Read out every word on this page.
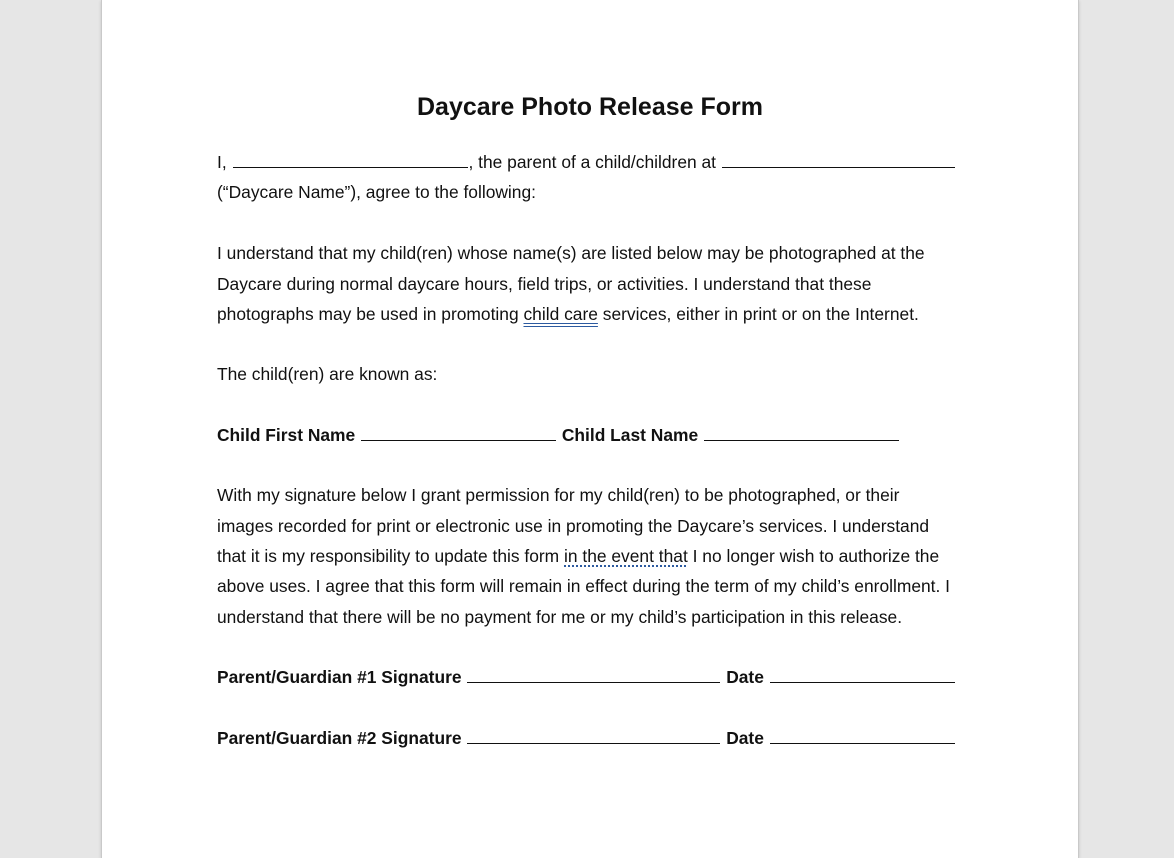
Daycare Photo Release Form
I,	, the parent of a child/children at
(“Daycare Name”), agree to the following:
I understand that my child(ren) whose name(s) are listed below may be photographed at the
Daycare during normal daycare hours, field trips, or activities. I understand that these
photographs may be used in promoting child care services, either in print or on the Internet.
The child(ren) are known as:
Child First Name	Child Last Name
With my signature below I grant permission for my child(ren) to be photographed, or their
images recorded for print or electronic use in promoting the Daycare’s services. I understand
that it is my responsibility to update this form in the event that I no longer wish to authorize the
above uses. I agree that this form will remain in effect during the term of my child’s enrollment. I
understand that there will be no payment for me or my child’s participation in this release.
Parent/Guardian #1 Signature	Date
Parent/Guardian #2 Signature	Date
